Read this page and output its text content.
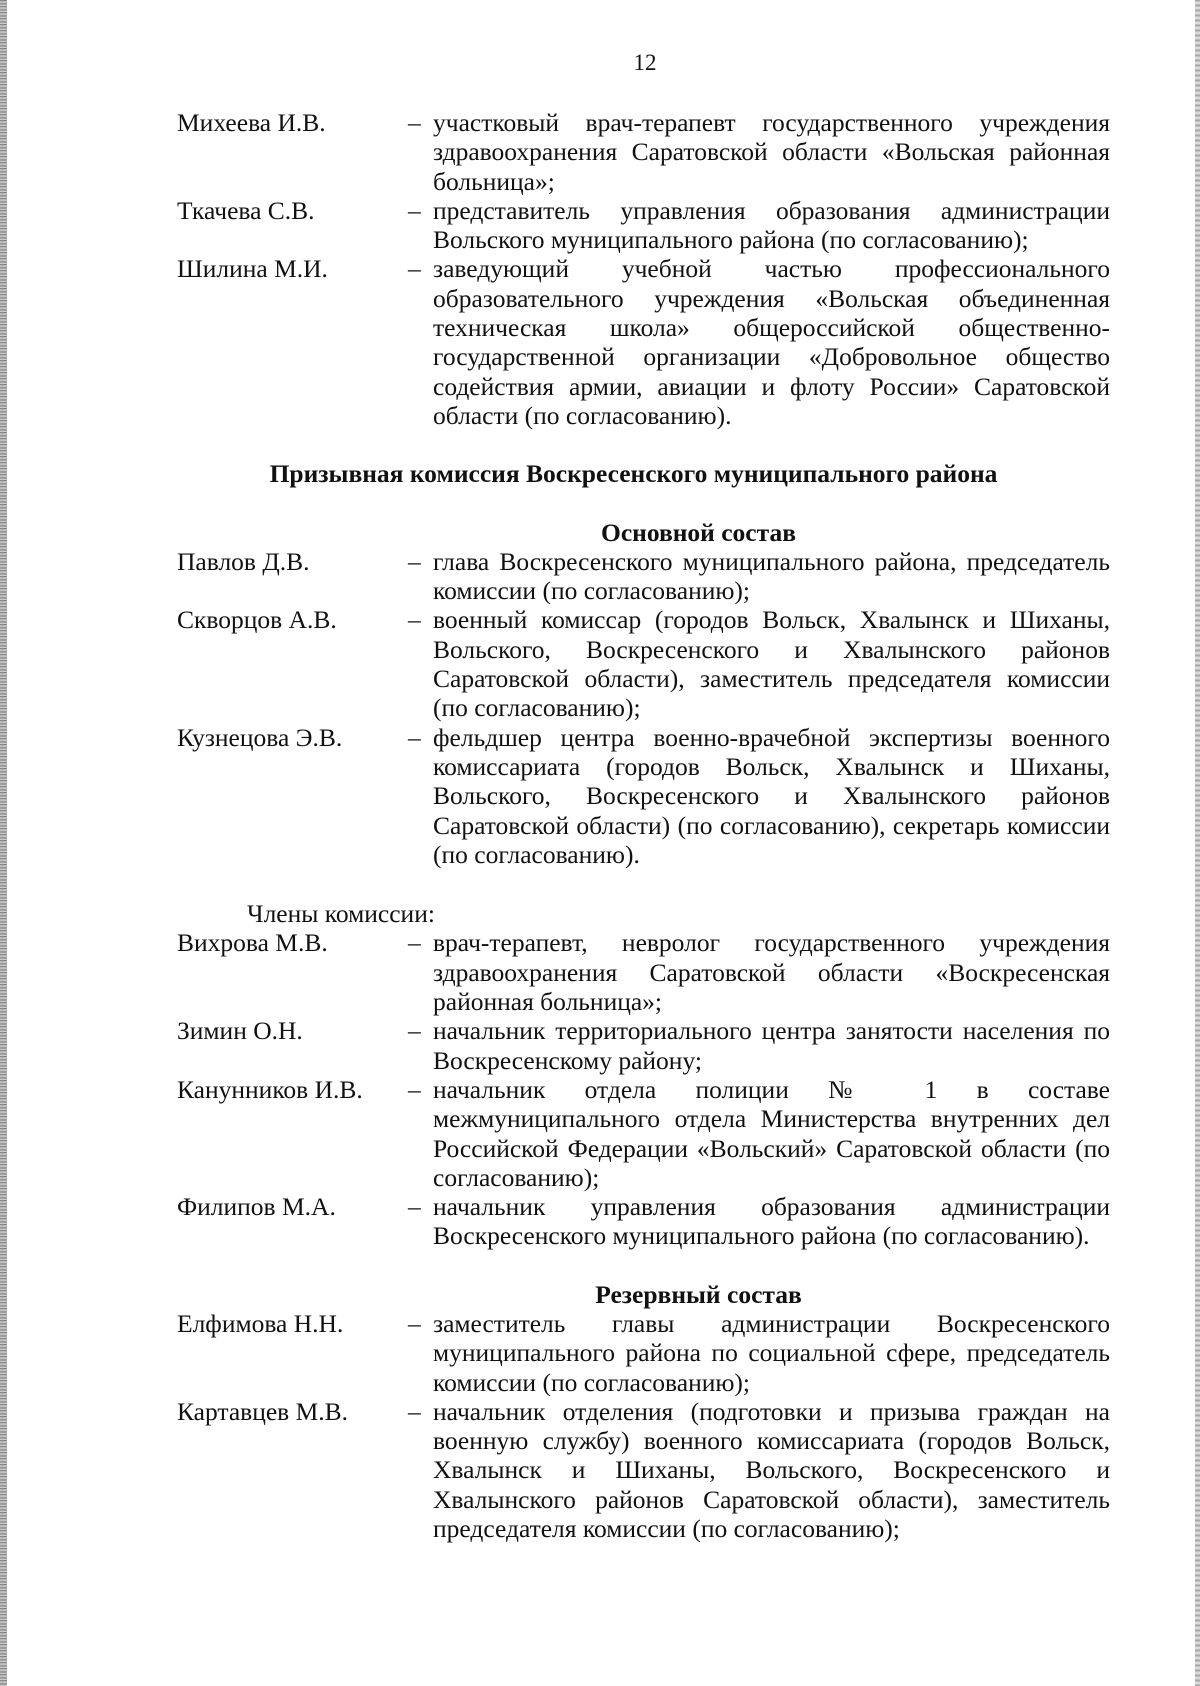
12
Михеева И.В.	– участковый врач-терапевт государственного учреждения здравоохранения Саратовской области «Вольская районная больница»;
Ткачева С.В.	– представитель управления образования администрации Вольского муниципального района (по согласованию);
Шилина М.И.	– заведующий учебной частью профессионального образовательного учреждения «Вольская объединенная техническая школа» общероссийской общественно-государственной организации «Добровольное общество содействия армии, авиации и флоту России» Саратовской области (по согласованию).
Призывная комиссия Воскресенского муниципального района
Основной состав
Павлов Д.В.	– глава Воскресенского муниципального района, председатель комиссии (по согласованию);
Скворцов А.В.	– военный комиссар (городов Вольск, Хвалынск и Шиханы, Вольского, Воскресенского и Хвалынского районов Саратовской области), заместитель председателя комиссии (по согласованию);
Кузнецова Э.В.	– фельдшер центра военно-врачебной экспертизы военного комиссариата (городов Вольск, Хвалынск и Шиханы, Вольского, Воскресенского и Хвалынского районов Саратовской области) (по согласованию), секретарь комиссии (по согласованию).
Члены комиссии:
Вихрова М.В.	– врач-терапевт, невролог государственного учреждения здравоохранения Саратовской области «Воскресенская районная больница»;
Зимин О.Н.	– начальник территориального центра занятости населения по Воскресенскому району;
Канунников И.В.	– начальник отдела полиции № 1 в составе межмуниципального отдела Министерства внутренних дел Российской Федерации «Вольский» Саратовской области (по согласованию);
Филипов М.А.	– начальник управления образования администрации Воскресенского муниципального района (по согласованию).
Резервный состав
Елфимова Н.Н.	– заместитель главы администрации Воскресенского муниципального района по социальной сфере, председатель комиссии (по согласованию);
Картавцев М.В.	– начальник отделения (подготовки и призыва граждан на военную службу) военного комиссариата (городов Вольск, Хвалынск и Шиханы, Вольского, Воскресенского и Хвалынского районов Саратовской области), заместитель председателя комиссии (по согласованию);
